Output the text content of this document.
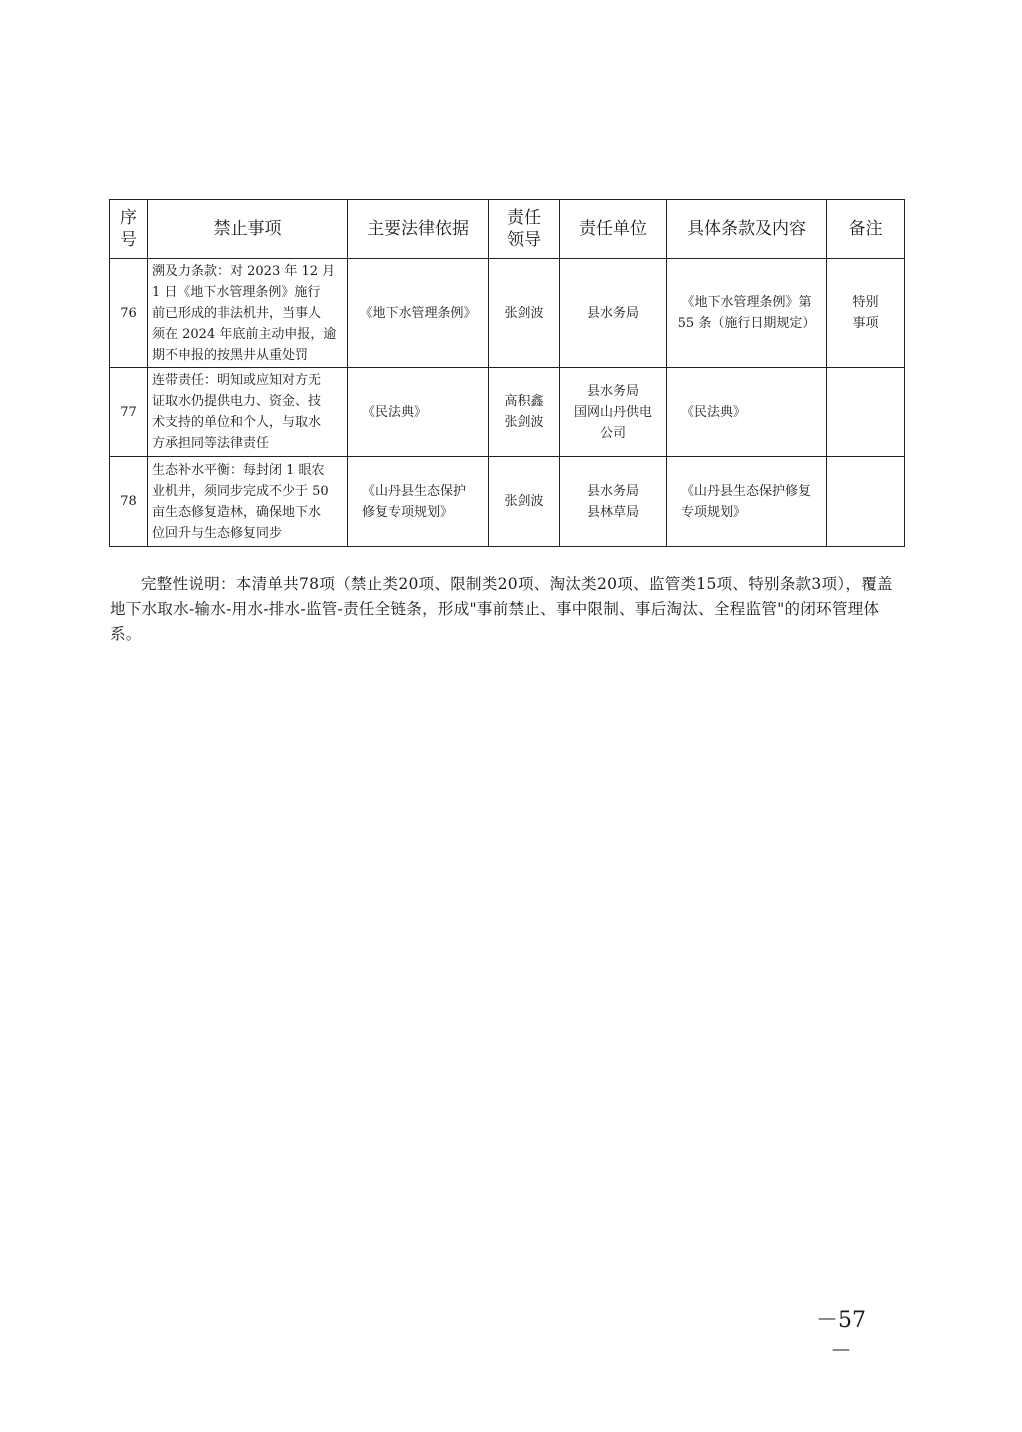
序
号	禁止事项	主要法律依据	责任
领导	责任单位	具体条款及内容	备注
76	溯及力条款：对 2023 年 12 月
1 日《地下水管理条例》施行
前已形成的非法机井，当事人
须在 2024 年底前主动申报，逾
期不申报的按黑井从重处罚	《地下水管理条例》	张剑波	县水务局	《地下水管理条例》第
55 条（施行日期规定）	特别
事项
77	连带责任：明知或应知对方无
证取水仍提供电力、资金、技
术支持的单位和个人，与取水
方承担同等法律责任	《民法典》	高积鑫
张剑波	县水务局
国网山丹供电
公司	《民法典》	
78	生态补水平衡：每封闭 1 眼农
业机井，须同步完成不少于 50
亩生态修复造林，确保地下水
位回升与生态修复同步	《山丹县生态保护
修复专项规划》	张剑波	县水务局
县林草局	《山丹县生态保护修复
专项规划》	
完整性说明：本清单共78项（禁止类20项、限制类20项、淘汰类20项、监管类15项、特别条款3项），覆盖地下水取水-输水-用水-排水-监管-责任全链条，形成"事前禁止、事中限制、事后淘汰、全程监管"的闭环管理体系。
－57－
